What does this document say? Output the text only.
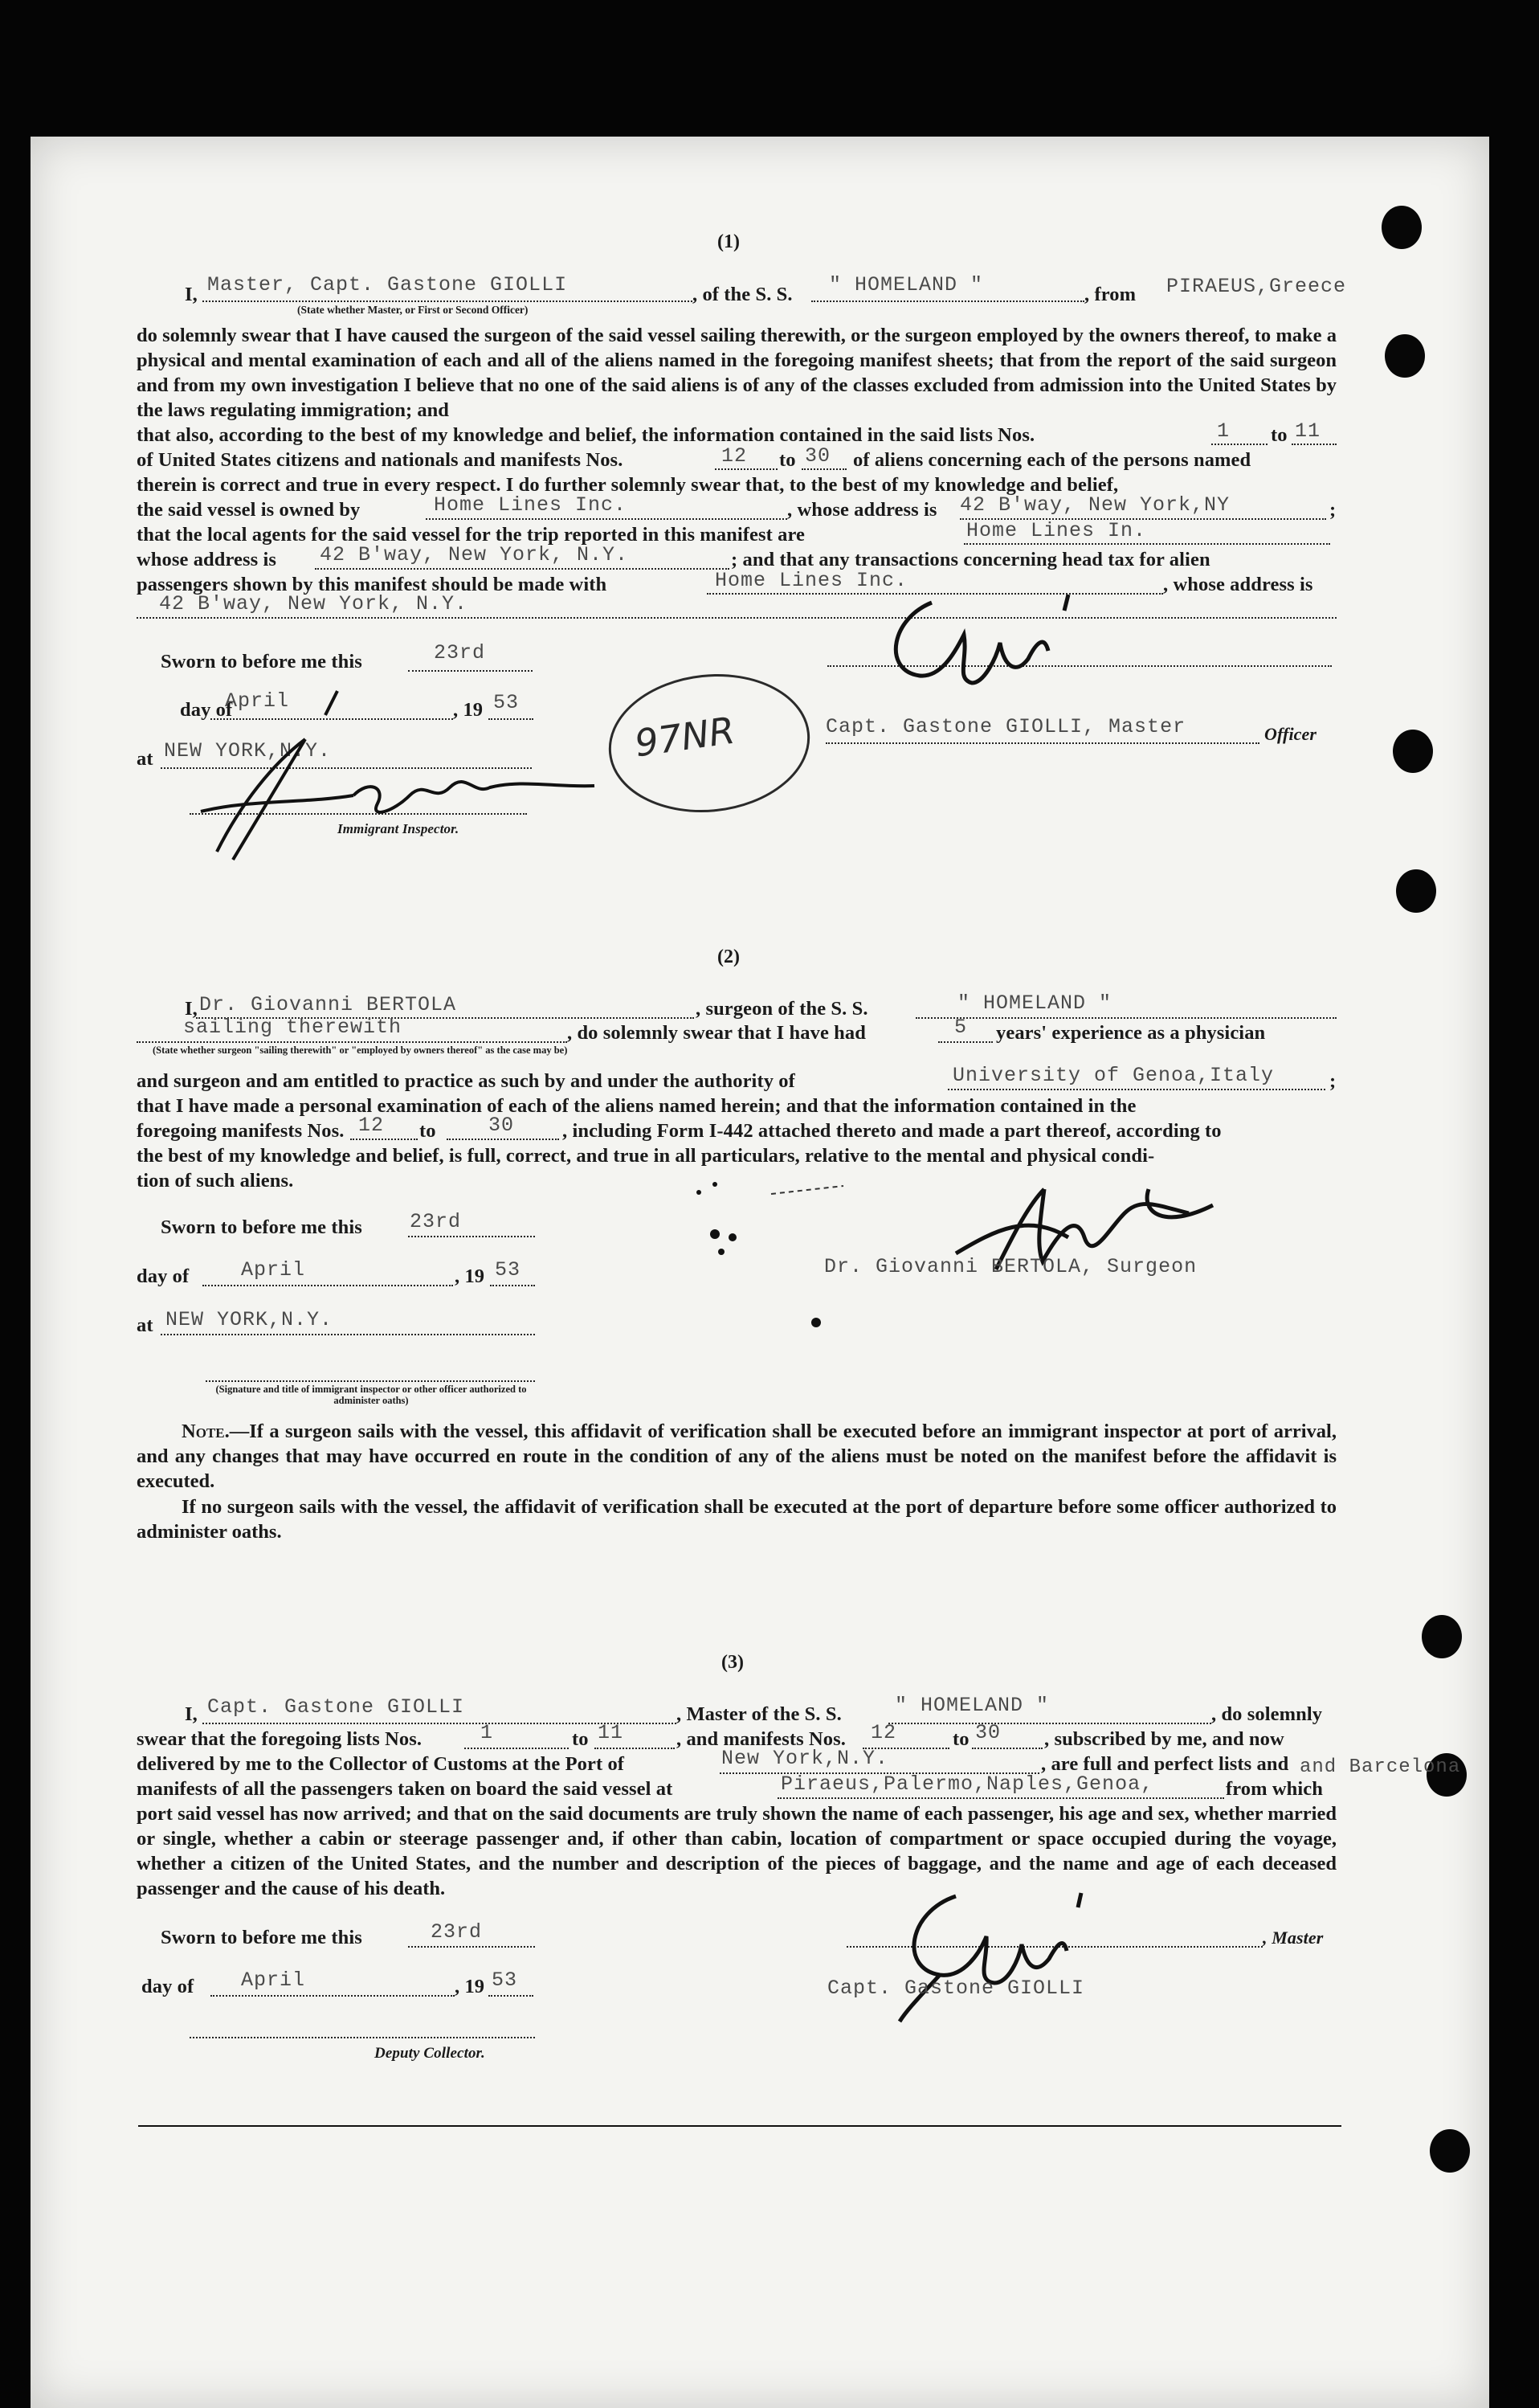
(1)
I, Master, Capt. Gastone GIOLLI
(State whether Master, or First or Second Officer)
, of the S. S. " HOMELAND "	, from PIRAEUS,Greece
do solemnly swear that I have caused the surgeon of the said vessel sailing therewith, or the surgeon employed by the owners thereof, to make a physical and mental examination of each and all of the aliens named in the foregoing manifest sheets; that from the report of the said surgeon and from my own investigation I believe that no one of the said aliens is of any of the classes excluded from admission into the United States by the laws regulating immigration; and
that also, according to the best of my knowledge and belief, the information contained in the said lists Nos.	1 to 11
of United States citizens and nationals and manifests Nos.	12 to 30 of aliens concerning each of the persons named
therein is correct and true in every respect. I do further solemnly swear that, to the best of my knowledge and belief,
the said vessel is owned by	Home Lines Inc.	, whose address is 42 B'way, New York,NY	;
that the local agents for the said vessel for the trip reported in this manifest are	Home Lines In.
whose address is 42 B'way, New York, N.Y.	; and that any transactions concerning head tax for alien
passengers shown by this manifest should be made with	Home Lines Inc.	, whose address is
42 B'way, New York, N.Y.
Sworn to before me this	23rd
day of
April	, 19 53
at NEW YORK,N.Y.
Immigrant Inspector.
97NR	Capt. Gastone GIOLLI, Master	Officer
(2)
I, Dr. Giovanni BERTOLA	, surgeon of the S. S.	" HOMELAND "
sailing therewith	, do solemnly swear that I have had	5 years' experience as a physician
(State whether surgeon "sailing therewith" or "employed by owners thereof" as the case may be)
and surgeon and am entitled to practice as such by and under the authority of	University of Genoa,Italy	;
that I have made a personal examination of each of the aliens named herein; and that the information contained in the
foregoing manifests Nos. 12 to	30 , including Form I-442 attached thereto and made a part thereof, according to
the best of my knowledge and belief, is full, correct, and true in all particulars, relative to the mental and physical condi-
tion of such aliens.
Sworn to before me this 23rd
day of	April	, 19 53
at NEW YORK,N.Y.
(Signature and title of immigrant inspector or other officer authorized to administer oaths)
Dr. Giovanni BERTOLA, Surgeon
Note.—If a surgeon sails with the vessel, this affidavit of verification shall be executed before an immigrant inspector at port of arrival, and any changes that may have occurred en route in the condition of any of the aliens must be noted on the manifest before the affidavit is executed.
If no surgeon sails with the vessel, the affidavit of verification shall be executed at the port of departure before some officer authorized to administer oaths.
(3)
I, Capt. Gastone GIOLLI	, Master of the S. S.	" HOMELAND "	, do solemnly
swear that the foregoing lists Nos.	1	to 11	, and manifests Nos. 12	to 30 , subscribed by me, and now
delivered by me to the Collector of Customs at the Port of	New York,N.Y.	, are full and perfect lists and
manifests of all the passengers taken on board the said vessel at	Piraeus,Palermo,Naples,Genoa,	from which
and Barcelona
port said vessel has now arrived; and that on the said documents are truly shown the name of each passenger, his age and sex, whether married or single, whether a cabin or steerage passenger and, if other than cabin, location of compartment or space occupied during the voyage, whether a citizen of the United States, and the number and description of the pieces of baggage, and the name and age of each deceased passenger and the cause of his death.
Sworn to before me this	23rd
day of April	, 19 53
Deputy Collector.
, Master
Capt. Gastone GIOLLI
